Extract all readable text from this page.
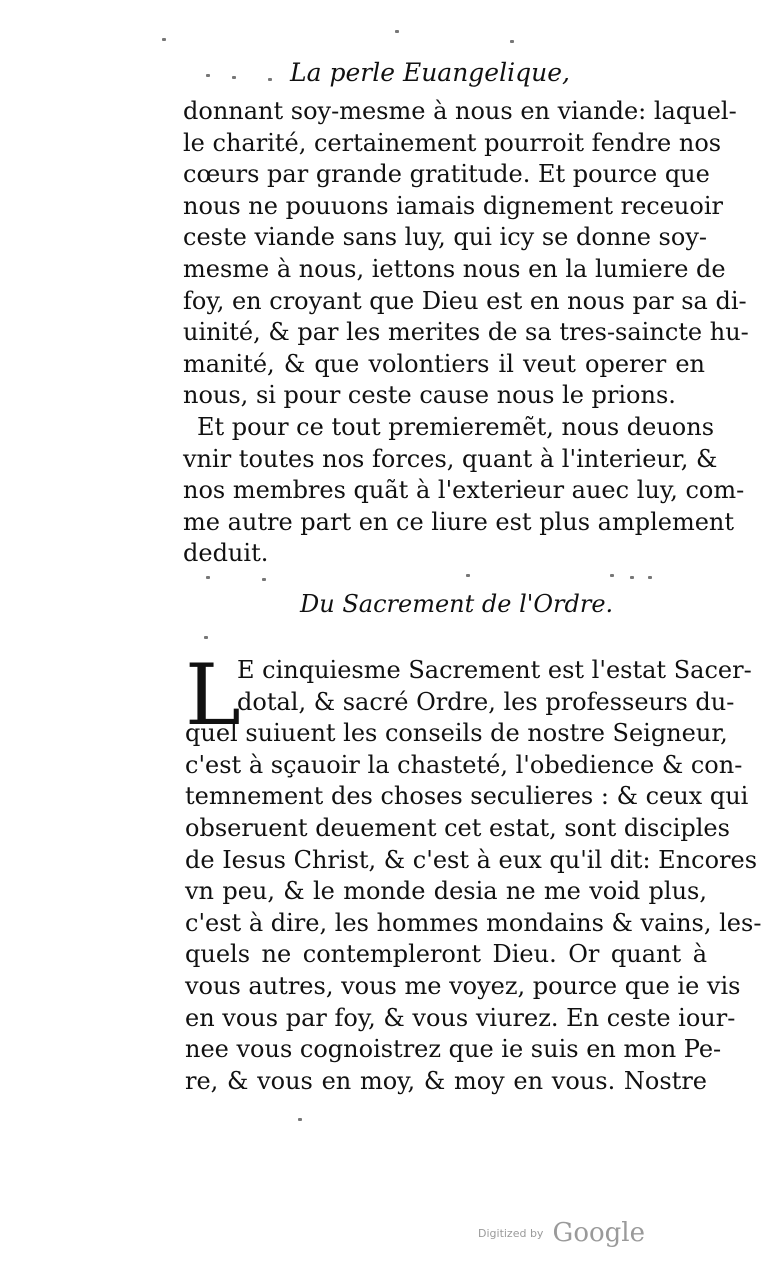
La perle Euangelique,
donnant soy-mesme à nous en viande: laquel-
le charité, certainement pourroit fendre nos
cœurs par grande gratitude. Et pource que
nous ne pouuons iamais dignement receuoir
ceste viande sans luy, qui icy se donne soy-
mesme à nous, iettons nous en la lumiere de
foy, en croyant que Dieu est en nous par sa di-
uinité, & par les merites de sa tres-saincte hu-
manité, & que volontiers il veut operer en
nous, si pour ceste cause nous le prions.
Et pour ce tout premieremẽt, nous deuons
vnir toutes nos forces, quant à l'interieur, &
nos membres quãt à l'exterieur auec luy, com-
me autre part en ce liure est plus amplement
deduit.
Du Sacrement de l'Ordre.
L
E cinquiesme Sacrement est l'estat Sacer-
dotal, & sacré Ordre, les professeurs du-
quel suiuent les conseils de nostre Seigneur,
c'est à sçauoir la chasteté, l'obedience & con-
temnement des choses seculieres : & ceux qui
obseruent deuement cet estat, sont disciples
de Iesus Christ, & c'est à eux qu'il dit: Encores
vn peu, & le monde desia ne me void plus,
c'est à dire, les hommes mondains & vains, les-
quels ne contempleront Dieu. Or quant à
vous autres, vous me voyez, pource que ie vis
en vous par foy, & vous viurez. En ceste iour-
nee vous cognoistrez que ie suis en mon Pe-
re, & vous en moy, & moy en vous. Nostre
$^{Digitized by}$ Google
